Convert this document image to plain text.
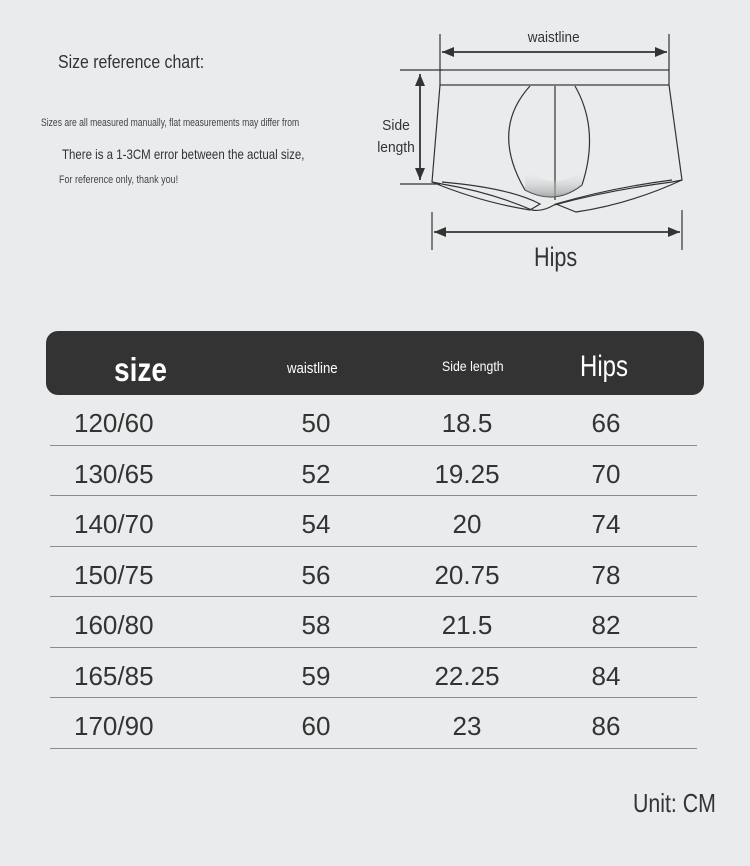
Size reference chart:
Sizes are all measured manually, flat measurements may differ from
There is a 1-3CM error between the actual size,
For reference only, thank you!
waistline
Side length
Hips
size	waistline	Side length	Hips
120/60	50	18.5	66
130/65	52	19.25	70
140/70	54	20	74
150/75	56	20.75	78
160/80	58	21.5	82
165/85	59	22.25	84
170/90	60	23	86
Unit: CM
